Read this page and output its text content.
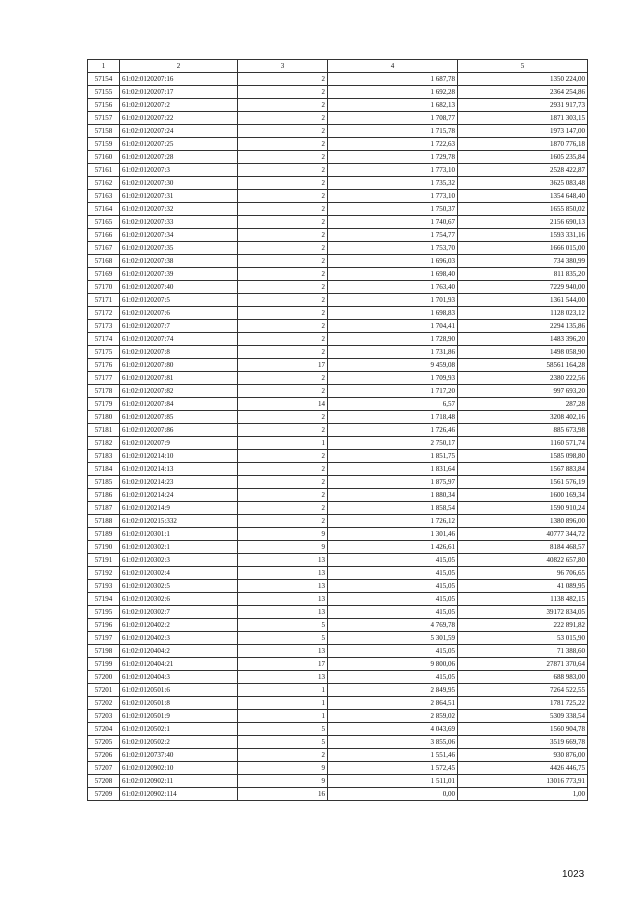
1	2	3	4	5
57154	61:02:0120207:16	2	1 687,78	1350 224,00
57155	61:02:0120207:17	2	1 692,28	2364 254,86
57156	61:02:0120207:2	2	1 682,13	2931 917,73
57157	61:02:0120207:22	2	1 708,77	1871 303,15
57158	61:02:0120207:24	2	1 715,78	1973 147,00
57159	61:02:0120207:25	2	1 722,63	1870 776,18
57160	61:02:0120207:28	2	1 729,78	1605 235,84
57161	61:02:0120207:3	2	1 773,10	2528 422,87
57162	61:02:0120207:30	2	1 735,32	3625 083,48
57163	61:02:0120207:31	2	1 773,10	1354 648,40
57164	61:02:0120207:32	2	1 750,37	1655 850,02
57165	61:02:0120207:33	2	1 740,67	2156 690,13
57166	61:02:0120207:34	2	1 754,77	1593 331,16
57167	61:02:0120207:35	2	1 753,70	1666 015,00
57168	61:02:0120207:38	2	1 696,03	734 380,99
57169	61:02:0120207:39	2	1 698,40	811 835,20
57170	61:02:0120207:40	2	1 763,40	7229 940,00
57171	61:02:0120207:5	2	1 701,93	1361 544,00
57172	61:02:0120207:6	2	1 698,83	1128 023,12
57173	61:02:0120207:7	2	1 704,41	2294 135,86
57174	61:02:0120207:74	2	1 728,90	1483 396,20
57175	61:02:0120207:8	2	1 731,86	1498 058,90
57176	61:02:0120207:80	17	9 459,08	58561 164,28
57177	61:02:0120207:81	2	1 709,93	2380 222,56
57178	61:02:0120207:82	2	1 717,20	997 693,20
57179	61:02:0120207:84	14	6,57	287,28
57180	61:02:0120207:85	2	1 718,48	3208 402,16
57181	61:02:0120207:86	2	1 726,46	885 673,98
57182	61:02:0120207:9	1	2 750,17	1160 571,74
57183	61:02:0120214:10	2	1 851,75	1585 098,80
57184	61:02:0120214:13	2	1 831,64	1567 883,84
57185	61:02:0120214:23	2	1 875,97	1561 576,19
57186	61:02:0120214:24	2	1 880,34	1600 169,34
57187	61:02:0120214:9	2	1 858,54	1590 910,24
57188	61:02:0120215:332	2	1 726,12	1380 896,00
57189	61:02:0120301:1	9	1 301,46	40777 344,72
57190	61:02:0120302:1	9	1 426,61	8184 468,57
57191	61:02:0120302:3	13	415,05	40822 657,80
57192	61:02:0120302:4	13	415,05	96 706,65
57193	61:02:0120302:5	13	415,05	41 089,95
57194	61:02:0120302:6	13	415,05	1138 482,15
57195	61:02:0120302:7	13	415,05	39172 834,05
57196	61:02:0120402:2	5	4 769,78	222 891,82
57197	61:02:0120402:3	5	5 301,59	53 015,90
57198	61:02:0120404:2	13	415,05	71 388,60
57199	61:02:0120404:21	17	9 800,06	27871 370,64
57200	61:02:0120404:3	13	415,05	688 983,00
57201	61:02:0120501:6	1	2 849,95	7264 522,55
57202	61:02:0120501:8	1	2 864,51	1781 725,22
57203	61:02:0120501:9	1	2 859,02	5309 338,54
57204	61:02:0120502:1	5	4 043,69	1560 904,78
57205	61:02:0120502:2	5	3 855,06	3519 669,78
57206	61:02:0120737:40	2	1 551,46	930 876,00
57207	61:02:0120902:10	9	1 572,45	4426 446,75
57208	61:02:0120902:11	9	1 511,01	13016 773,91
57209	61:02:0120902:114	16	0,00	1,00
1023
